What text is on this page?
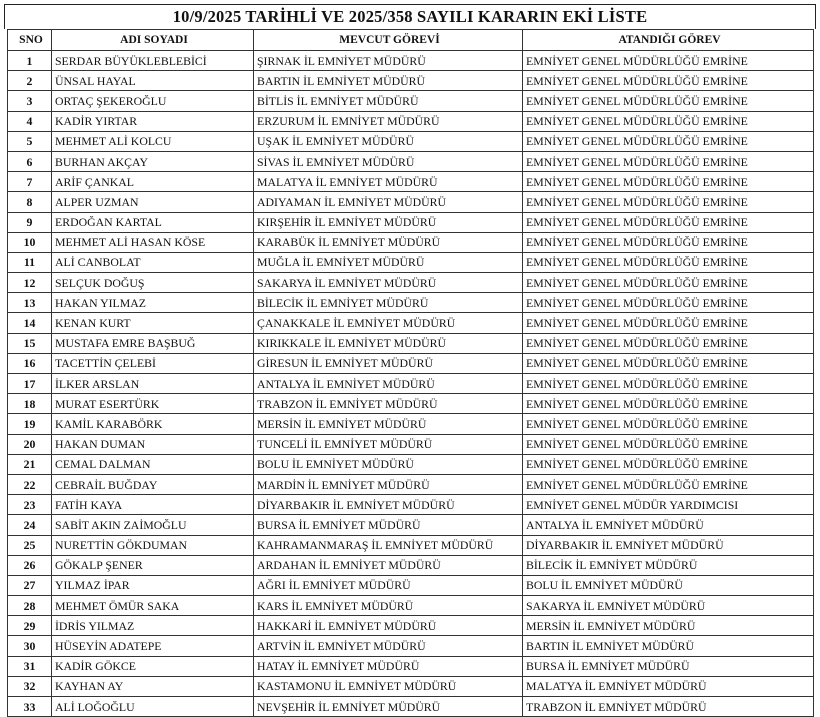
10/9/2025 TARİHLİ VE 2025/358 SAYILI KARARIN EKİ LİSTE
SNO	ADI SOYADI	MEVCUT GÖREVİ	ATANDIĞI GÖREV
1	SERDAR BÜYÜKLEBLEBİCİ	ŞIRNAK İL EMNİYET MÜDÜRÜ	EMNİYET GENEL MÜDÜRLÜĞÜ EMRİNE
2	ÜNSAL HAYAL	BARTIN İL EMNİYET MÜDÜRÜ	EMNİYET GENEL MÜDÜRLÜĞÜ EMRİNE
3	ORTAÇ ŞEKEROĞLU	BİTLİS İL EMNİYET MÜDÜRÜ	EMNİYET GENEL MÜDÜRLÜĞÜ EMRİNE
4	KADİR YIRTAR	ERZURUM İL EMNİYET MÜDÜRÜ	EMNİYET GENEL MÜDÜRLÜĞÜ EMRİNE
5	MEHMET ALİ KOLCU	UŞAK İL EMNİYET MÜDÜRÜ	EMNİYET GENEL MÜDÜRLÜĞÜ EMRİNE
6	BURHAN AKÇAY	SİVAS İL EMNİYET MÜDÜRÜ	EMNİYET GENEL MÜDÜRLÜĞÜ EMRİNE
7	ARİF ÇANKAL	MALATYA İL EMNİYET MÜDÜRÜ	EMNİYET GENEL MÜDÜRLÜĞÜ EMRİNE
8	ALPER UZMAN	ADIYAMAN İL EMNİYET MÜDÜRÜ	EMNİYET GENEL MÜDÜRLÜĞÜ EMRİNE
9	ERDOĞAN KARTAL	KIRŞEHİR İL EMNİYET MÜDÜRÜ	EMNİYET GENEL MÜDÜRLÜĞÜ EMRİNE
10	MEHMET ALİ HASAN KÖSE	KARABÜK İL EMNİYET MÜDÜRÜ	EMNİYET GENEL MÜDÜRLÜĞÜ EMRİNE
11	ALİ CANBOLAT	MUĞLA İL EMNİYET MÜDÜRÜ	EMNİYET GENEL MÜDÜRLÜĞÜ EMRİNE
12	SELÇUK DOĞUŞ	SAKARYA İL EMNİYET MÜDÜRÜ	EMNİYET GENEL MÜDÜRLÜĞÜ EMRİNE
13	HAKAN YILMAZ	BİLECİK İL EMNİYET MÜDÜRÜ	EMNİYET GENEL MÜDÜRLÜĞÜ EMRİNE
14	KENAN KURT	ÇANAKKALE İL EMNİYET MÜDÜRÜ	EMNİYET GENEL MÜDÜRLÜĞÜ EMRİNE
15	MUSTAFA EMRE BAŞBUĞ	KIRIKKALE İL EMNİYET MÜDÜRÜ	EMNİYET GENEL MÜDÜRLÜĞÜ EMRİNE
16	TACETTİN ÇELEBİ	GİRESUN İL EMNİYET MÜDÜRÜ	EMNİYET GENEL MÜDÜRLÜĞÜ EMRİNE
17	İLKER ARSLAN	ANTALYA İL EMNİYET MÜDÜRÜ	EMNİYET GENEL MÜDÜRLÜĞÜ EMRİNE
18	MURAT ESERTÜRK	TRABZON İL EMNİYET MÜDÜRÜ	EMNİYET GENEL MÜDÜRLÜĞÜ EMRİNE
19	KAMİL KARABÖRK	MERSİN İL EMNİYET MÜDÜRÜ	EMNİYET GENEL MÜDÜRLÜĞÜ EMRİNE
20	HAKAN DUMAN	TUNCELİ İL EMNİYET MÜDÜRÜ	EMNİYET GENEL MÜDÜRLÜĞÜ EMRİNE
21	CEMAL DALMAN	BOLU İL EMNİYET MÜDÜRÜ	EMNİYET GENEL MÜDÜRLÜĞÜ EMRİNE
22	CEBRAİL BUĞDAY	MARDİN İL EMNİYET MÜDÜRÜ	EMNİYET GENEL MÜDÜRLÜĞÜ EMRİNE
23	FATİH KAYA	DİYARBAKIR İL EMNİYET MÜDÜRÜ	EMNİYET GENEL MÜDÜR YARDIMCISI
24	SABİT AKIN ZAİMOĞLU	BURSA İL EMNİYET MÜDÜRÜ	ANTALYA İL EMNİYET MÜDÜRÜ
25	NURETTİN GÖKDUMAN	KAHRAMANMARAŞ İL EMNİYET MÜDÜRÜ	DİYARBAKIR İL EMNİYET MÜDÜRÜ
26	GÖKALP ŞENER	ARDAHAN İL EMNİYET MÜDÜRÜ	BİLECİK İL EMNİYET MÜDÜRÜ
27	YILMAZ İPAR	AĞRI İL EMNİYET MÜDÜRÜ	BOLU İL EMNİYET MÜDÜRÜ
28	MEHMET ÖMÜR SAKA	KARS İL EMNİYET MÜDÜRÜ	SAKARYA İL EMNİYET MÜDÜRÜ
29	İDRİS YILMAZ	HAKKARİ İL EMNİYET MÜDÜRÜ	MERSİN İL EMNİYET MÜDÜRÜ
30	HÜSEYİN ADATEPE	ARTVİN İL EMNİYET MÜDÜRÜ	BARTIN İL EMNİYET MÜDÜRÜ
31	KADİR GÖKCE	HATAY İL EMNİYET MÜDÜRÜ	BURSA İL EMNİYET MÜDÜRÜ
32	KAYHAN AY	KASTAMONU İL EMNİYET MÜDÜRÜ	MALATYA İL EMNİYET MÜDÜRÜ
33	ALİ LOĞOĞLU	NEVŞEHİR İL EMNİYET MÜDÜRÜ	TRABZON İL EMNİYET MÜDÜRÜ
